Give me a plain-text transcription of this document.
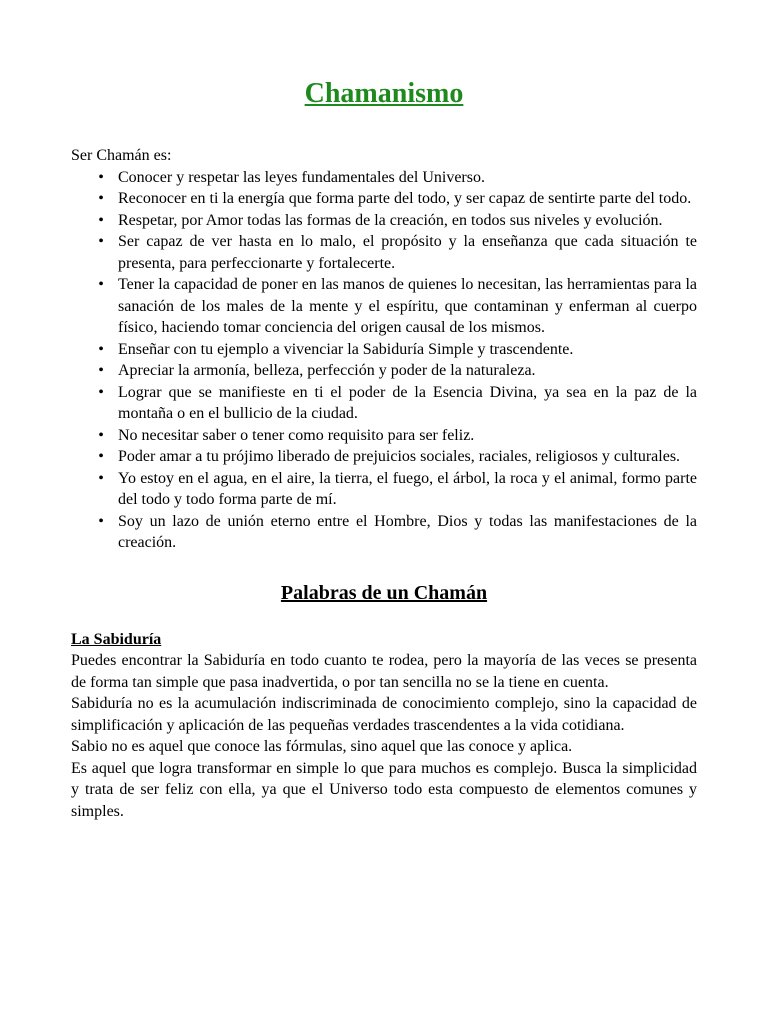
Chamanismo

Ser Chamán es:

• Conocer y respetar las leyes fundamentales del Universo.
• Reconocer en ti la energía que forma parte del todo, y ser capaz de sentirte parte del todo.
• Respetar, por Amor todas las formas de la creación, en todos sus niveles y evolución.
• Ser capaz de ver hasta en lo malo, el propósito y la enseñanza que cada situación te presenta, para perfeccionarte y fortalecerte.
• Tener la capacidad de poner en las manos de quienes lo necesitan, las herramientas para la sanación de los males de la mente y el espíritu, que contaminan y enferman al cuerpo físico, haciendo tomar conciencia del origen causal de los mismos.
• Enseñar con tu ejemplo a vivenciar la Sabiduría Simple y trascendente.
• Apreciar la armonía, belleza, perfección y poder de la naturaleza.
• Lograr que se manifieste en ti el poder de la Esencia Divina, ya sea en la paz de la montaña o en el bullicio de la ciudad.
• No necesitar saber o tener como requisito para ser feliz.
• Poder amar a tu prójimo liberado de prejuicios sociales, raciales, religiosos y culturales.
• Yo estoy en el agua, en el aire, la tierra, el fuego, el árbol, la roca y el animal, formo parte del todo y todo forma parte de mí.
• Soy un lazo de unión eterno entre el Hombre, Dios y todas las manifestaciones de la creación.
Palabras de un Chamán
La Sabiduría

Puedes encontrar la Sabiduría en todo cuanto te rodea, pero la mayoría de las veces se presenta de forma tan simple que pasa inadvertida, o por tan sencilla no se la tiene en cuenta.

Sabiduría no es la acumulación indiscriminada de conocimiento complejo, sino la capacidad de simplificación y aplicación de las pequeñas verdades trascendentes a la vida cotidiana.

Sabio no es aquel que conoce las fórmulas, sino aquel que las conoce y aplica.

Es aquel que logra transformar en simple lo que para muchos es complejo. Busca la simplicidad y trata de ser feliz con ella, ya que el Universo todo esta compuesto de elementos comunes y simples.
